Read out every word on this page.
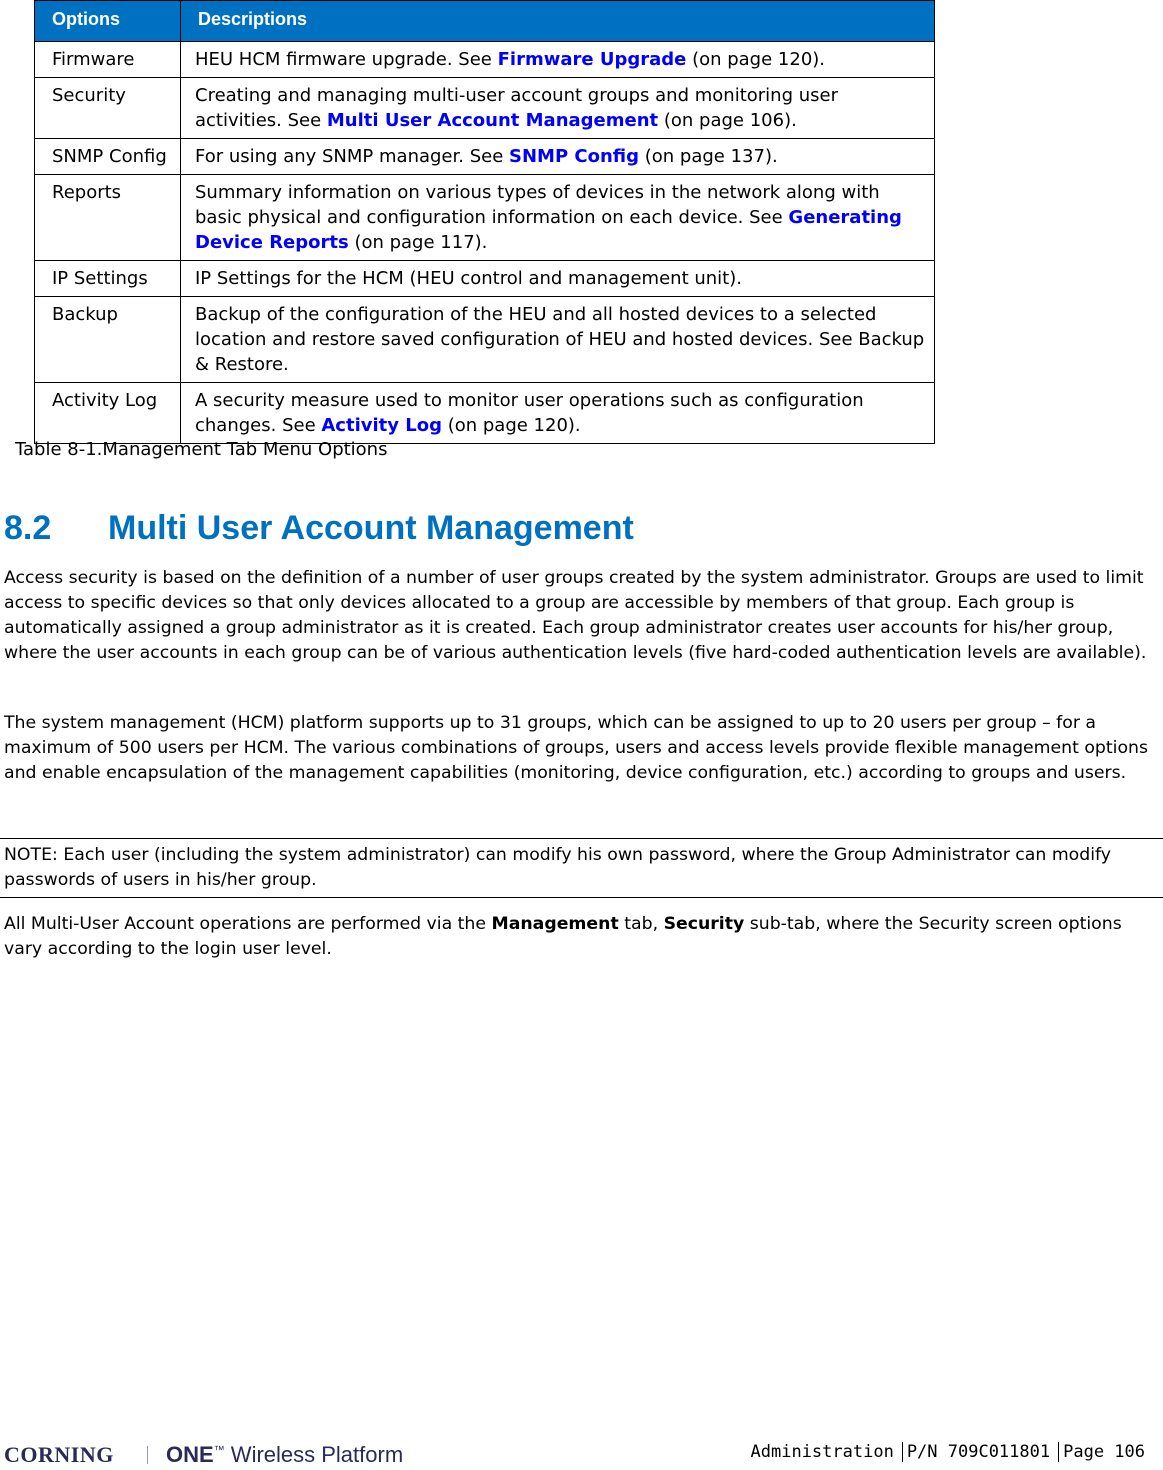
Options	Descriptions
Firmware	HEU HCM firmware upgrade. See Firmware Upgrade (on page 120).
Security	Creating and managing multi-user account groups and monitoring user activities. See Multi User Account Management (on page 106).
SNMP Config	For using any SNMP manager. See SNMP Config (on page 137).
Reports	Summary information on various types of devices in the network along with basic physical and configuration information on each device. See Generating Device Reports (on page 117).
IP Settings	IP Settings for the HCM (HEU control and management unit).
Backup	Backup of the configuration of the HEU and all hosted devices to a selected location and restore saved configuration of HEU and hosted devices. See Backup & Restore.
Activity Log	A security measure used to monitor user operations such as configuration changes. See Activity Log (on page 120).
Table 8-1.Management Tab Menu Options
8.2 Multi User Account Management

Access security is based on the definition of a number of user groups created by the system administrator. Groups are used to limit access to specific devices so that only devices allocated to a group are accessible by members of that group. Each group is automatically assigned a group administrator as it is created. Each group administrator creates user accounts for his/her group, where the user accounts in each group can be of various authentication levels (five hard-coded authentication levels are available).

The system management (HCM) platform supports up to 31 groups, which can be assigned to up to 20 users per group – for a maximum of 500 users per HCM. The various combinations of groups, users and access levels provide flexible management options and enable encapsulation of the management capabilities (monitoring, device configuration, etc.) according to groups and users.

NOTE: Each user (including the system administrator) can modify his own password, where the Group Administrator can modify passwords of users in his/her group.

All Multi-User Account operations are performed via the Management tab, Security sub-tab, where the Security screen options vary according to the login user level.

CORNING ONE™ Wireless Platform	Administration P/N 709C011801 Page 106
